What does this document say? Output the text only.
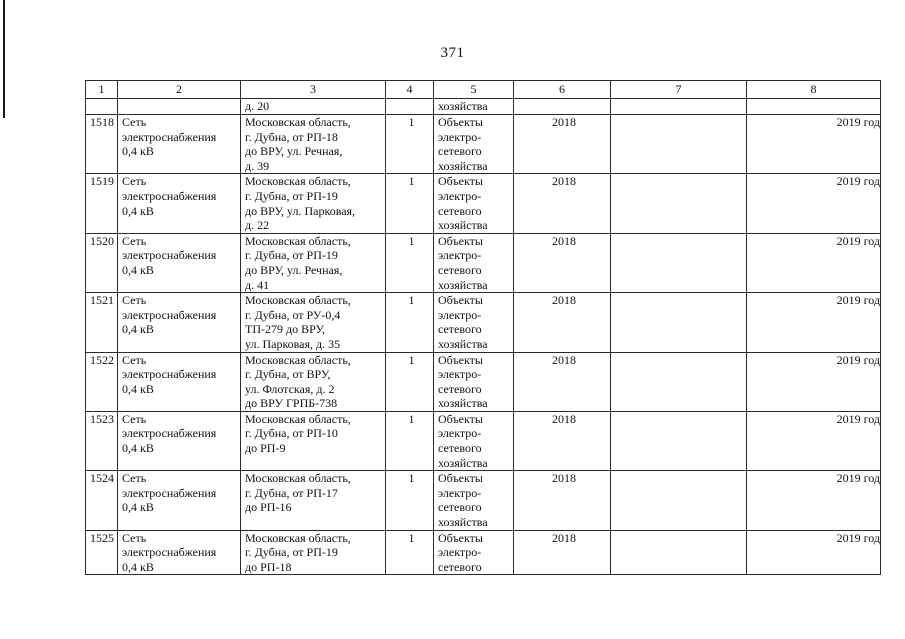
371
1	2	3	4	5	6	7	8
		д. 20		хозяйства			
1518	Сеть
электроснабжения
0,4 кВ	Московская область,
г. Дубна, от РП-18
до ВРУ, ул. Речная,
д. 39	1	Объекты
электро-
сетевого
хозяйства	2018		2019 год
1519	Сеть
электроснабжения
0,4 кВ	Московская область,
г. Дубна, от РП-19
до ВРУ, ул. Парковая,
д. 22	1	Объекты
электро-
сетевого
хозяйства	2018		2019 год
1520	Сеть
электроснабжения
0,4 кВ	Московская область,
г. Дубна, от РП-19
до ВРУ, ул. Речная,
д. 41	1	Объекты
электро-
сетевого
хозяйства	2018		2019 год
1521	Сеть
электроснабжения
0,4 кВ	Московская область,
г. Дубна, от РУ-0,4
ТП-279 до ВРУ,
ул. Парковая, д. 35	1	Объекты
электро-
сетевого
хозяйства	2018		2019 год
1522	Сеть
электроснабжения
0,4 кВ	Московская область,
г. Дубна, от ВРУ,
ул. Флотская, д. 2
до ВРУ ГРПБ-738	1	Объекты
электро-
сетевого
хозяйства	2018		2019 год
1523	Сеть
электроснабжения
0,4 кВ	Московская область,
г. Дубна, от РП-10
до РП-9	1	Объекты
электро-
сетевого
хозяйства	2018		2019 год
1524	Сеть
электроснабжения
0,4 кВ	Московская область,
г. Дубна, от РП-17
до РП-16	1	Объекты
электро-
сетевого
хозяйства	2018		2019 год
1525	Сеть
электроснабжения
0,4 кВ	Московская область,
г. Дубна, от РП-19
до РП-18	1	Объекты
электро-
сетевого	2018		2019 год
